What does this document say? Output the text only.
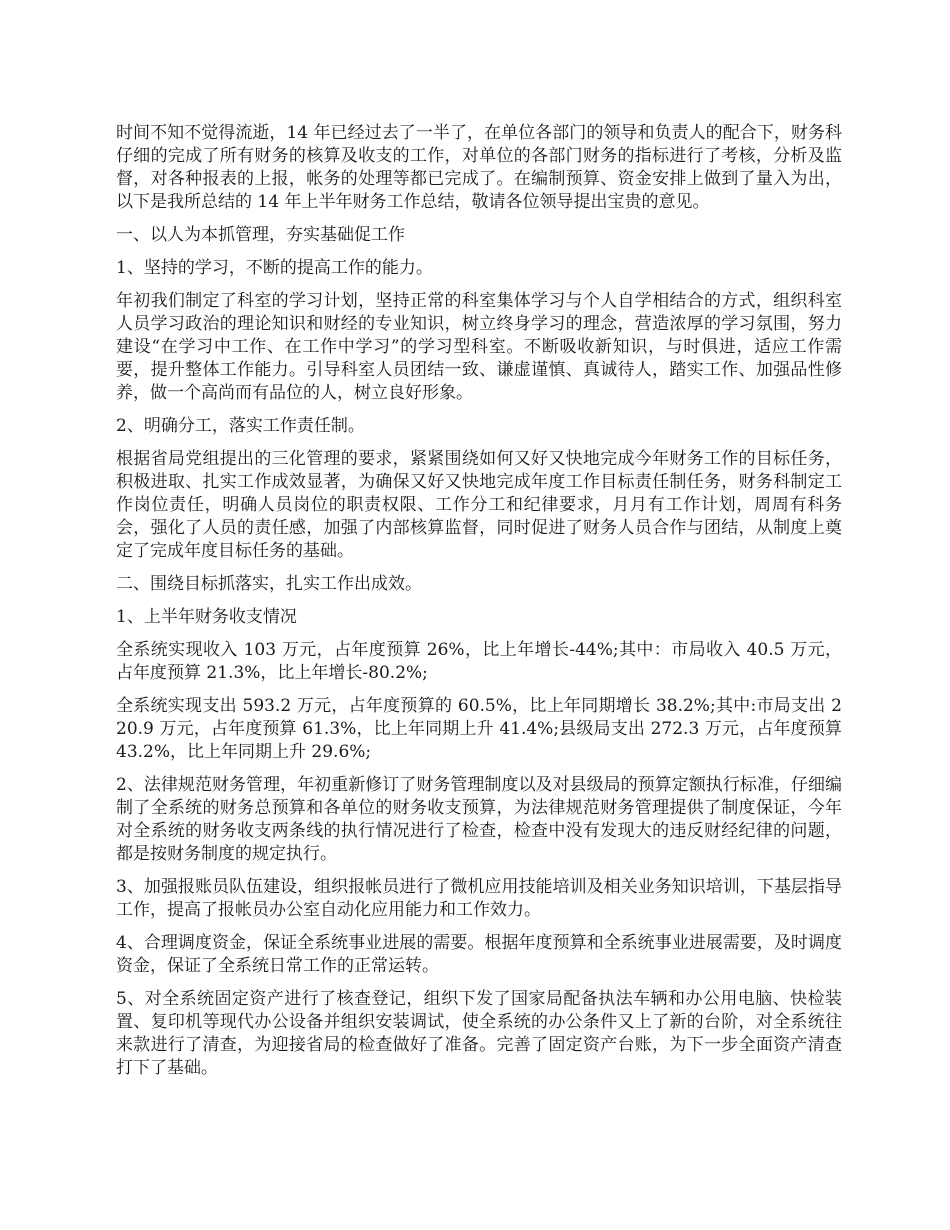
时间不知不觉得流逝，14 年已经过去了一半了，在单位各部门的领导和负责人的配合下，财务科仔细的完成了所有财务的核算及收支的工作，对单位的各部门财务的指标进行了考核，分析及监督，对各种报表的上报，帐务的处理等都已完成了。在编制预算、资金安排上做到了量入为出，以下是我所总结的 14 年上半年财务工作总结，敬请各位领导提出宝贵的意见。

一、以人为本抓管理，夯实基础促工作

1、坚持的学习，不断的提高工作的能力。

年初我们制定了科室的学习计划，坚持正常的科室集体学习与个人自学相结合的方式，组织科室人员学习政治的理论知识和财经的专业知识，树立终身学习的理念，营造浓厚的学习氛围，努力建设“在学习中工作、在工作中学习”的学习型科室。不断吸收新知识，与时俱进，适应工作需要，提升整体工作能力。引导科室人员团结一致、谦虚谨慎、真诚待人，踏实工作、加强品性修养，做一个高尚而有品位的人，树立良好形象。

2、明确分工，落实工作责任制。

根据省局党组提出的三化管理的要求，紧紧围绕如何又好又快地完成今年财务工作的目标任务，积极进取、扎实工作成效显著，为确保又好又快地完成年度工作目标责任制任务，财务科制定工作岗位责任，明确人员岗位的职责权限、工作分工和纪律要求，月月有工作计划，周周有科务会，强化了人员的责任感，加强了内部核算监督，同时促进了财务人员合作与团结，从制度上奠定了完成年度目标任务的基础。

二、围绕目标抓落实，扎实工作出成效。

1、上半年财务收支情况

全系统实现收入 103 万元，占年度预算 26%，比上年增长-44%;其中：市局收入 40.5 万元，占年度预算 21.3%，比上年增长-80.2%;

全系统实现支出 593.2 万元，占年度预算的 60.5%，比上年同期增长 38.2%;其中:市局支出 220.9 万元，占年度预算 61.3%，比上年同期上升 41.4%;县级局支出 272.3 万元，占年度预算 43.2%，比上年同期上升 29.6%;

2、法律规范财务管理，年初重新修订了财务管理制度以及对县级局的预算定额执行标准，仔细编制了全系统的财务总预算和各单位的财务收支预算，为法律规范财务管理提供了制度保证，今年对全系统的财务收支两条线的执行情况进行了检查，检查中没有发现大的违反财经纪律的问题，都是按财务制度的规定执行。

3、加强报账员队伍建设，组织报帐员进行了微机应用技能培训及相关业务知识培训，下基层指导工作，提高了报帐员办公室自动化应用能力和工作效力。

4、合理调度资金，保证全系统事业进展的需要。根据年度预算和全系统事业进展需要，及时调度资金，保证了全系统日常工作的正常运转。

5、对全系统固定资产进行了核查登记，组织下发了国家局配备执法车辆和办公用电脑、快检装置、复印机等现代办公设备并组织安装调试，使全系统的办公条件又上了新的台阶，对全系统往来款进行了清查，为迎接省局的检查做好了准备。完善了固定资产台账，为下一步全面资产清查打下了基础。
